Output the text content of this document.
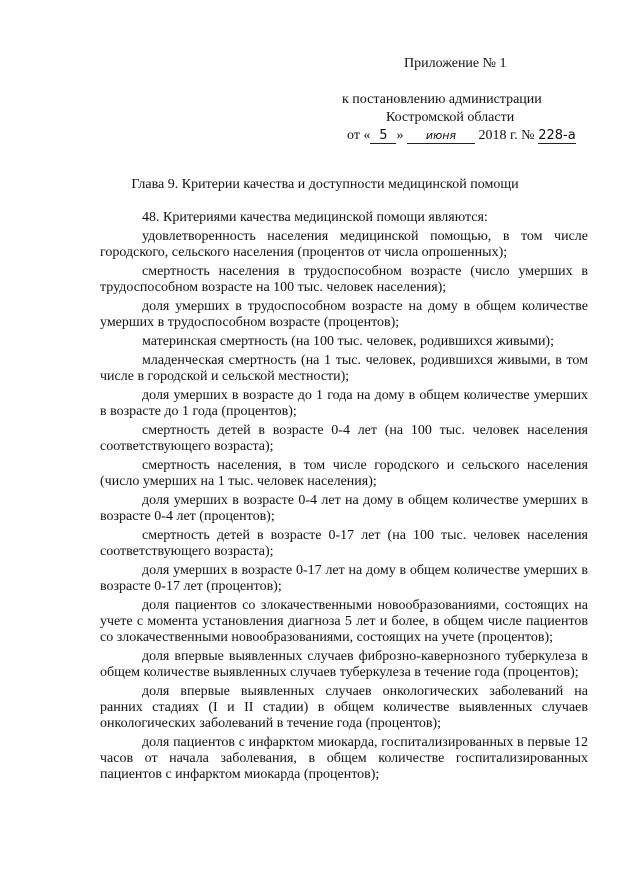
Приложение № 1
к постановлению администрации
Костромской области
от « 5 » июня 2018 г. № 228-а
Глава 9. Критерии качества и доступности медицинской помощи

48. Критериями качества медицинской помощи являются:

удовлетворенность населения медицинской помощью, в том числе городского, сельского населения (процентов от числа опрошенных);

смертность населения в трудоспособном возрасте (число умерших в трудоспособном возрасте на 100 тыс. человек населения);

доля умерших в трудоспособном возрасте на дому в общем количестве умерших в трудоспособном возрасте (процентов);

материнская смертность (на 100 тыс. человек, родившихся живыми);

младенческая смертность (на 1 тыс. человек, родившихся живыми, в том числе в городской и сельской местности);

доля умерших в возрасте до 1 года на дому в общем количестве умерших в возрасте до 1 года (процентов);

смертность детей в возрасте 0-4 лет (на 100 тыс. человек населения соответствующего возраста);

смертность населения, в том числе городского и сельского населения (число умерших на 1 тыс. человек населения);

доля умерших в возрасте 0-4 лет на дому в общем количестве умерших в возрасте 0-4 лет (процентов);

смертность детей в возрасте 0-17 лет (на 100 тыс. человек населения соответствующего возраста);

доля умерших в возрасте 0-17 лет на дому в общем количестве умерших в возрасте 0-17 лет (процентов);

доля пациентов со злокачественными новообразованиями, состоящих на учете с момента установления диагноза 5 лет и более, в общем числе пациентов со злокачественными новообразованиями, состоящих на учете (процентов);

доля впервые выявленных случаев фиброзно-кавернозного туберкулеза в общем количестве выявленных случаев туберкулеза в течение года (процентов);

доля впервые выявленных случаев онкологических заболеваний на ранних стадиях (I и II стадии) в общем количестве выявленных случаев онкологических заболеваний в течение года (процентов);

доля пациентов с инфарктом миокарда, госпитализированных в первые 12 часов от начала заболевания, в общем количестве госпитализированных пациентов с инфарктом миокарда (процентов);
